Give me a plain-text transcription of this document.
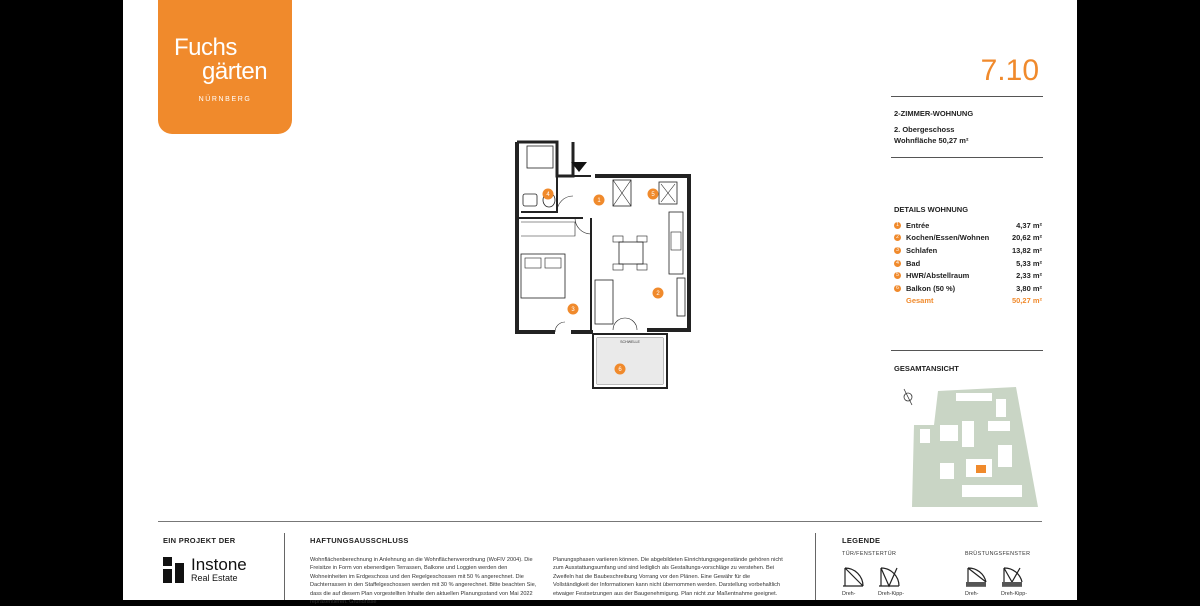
Fuchs
gärten
NÜRNBERG
7.10
2-ZIMMER-WOHNUNG
2. Obergeschoss
Wohnfläche 50,27 m²
DETAILS WOHNUNG
1 Entrée	4,37 m²
2 Kochen/Essen/Wohnen	20,62 m²
3 Schlafen	13,82 m²
4 Bad	5,33 m²
5 HWR/Abstellraum	2,33 m²
6 Balkon (50 %)	3,80 m²
Gesamt	50,27 m²
SCHWELLE
1
2
3
4	5
6	GESAMTANSICHT
EIN PROJEKT DER
Instone
Real Estate
HAFTUNGSAUSSCHLUSS
Wohnflächenberechnung in Anlehnung an die Wohnflächenverordnung (WoFlV 2004). Die Freisitze in Form von ebenerdigen Terrassen, Balkone und Loggien werden den Wohneinheiten im Erdgeschoss und den Regelgeschossen mit 50 % angerechnet. Die Dachterrassen in den Staffelgeschossen werden mit 30 % angerechnet. Bitte beachten Sie, dass die auf diesem Plan vorgestellten Inhalte den aktuellen Planungsstand von Mai 2022 repräsentieren. Grundrisse
Planungsphasen variieren können. Die abgebildeten Einrichtungsgegenstände gehören nicht zum Ausstattungsumfang und sind lediglich als Gestaltungs-vorschläge zu verstehen. Bei Zweifeln hat die Baubeschreibung Vorrang vor den Plänen. Eine Gewähr für die Vollständigkeit der Informationen kann nicht übernommen werden. Darstellung vorbehaltlich etwaiger Festsetzungen aus der Baugenehmigung. Plan nicht zur Maßentnahme geeignet.
LEGENDE
TÜR/FENSTERTÜR	BRÜSTUNGSFENSTER
Dreh-	Dreh-Kipp-	Dreh-	Dreh-Kipp-
